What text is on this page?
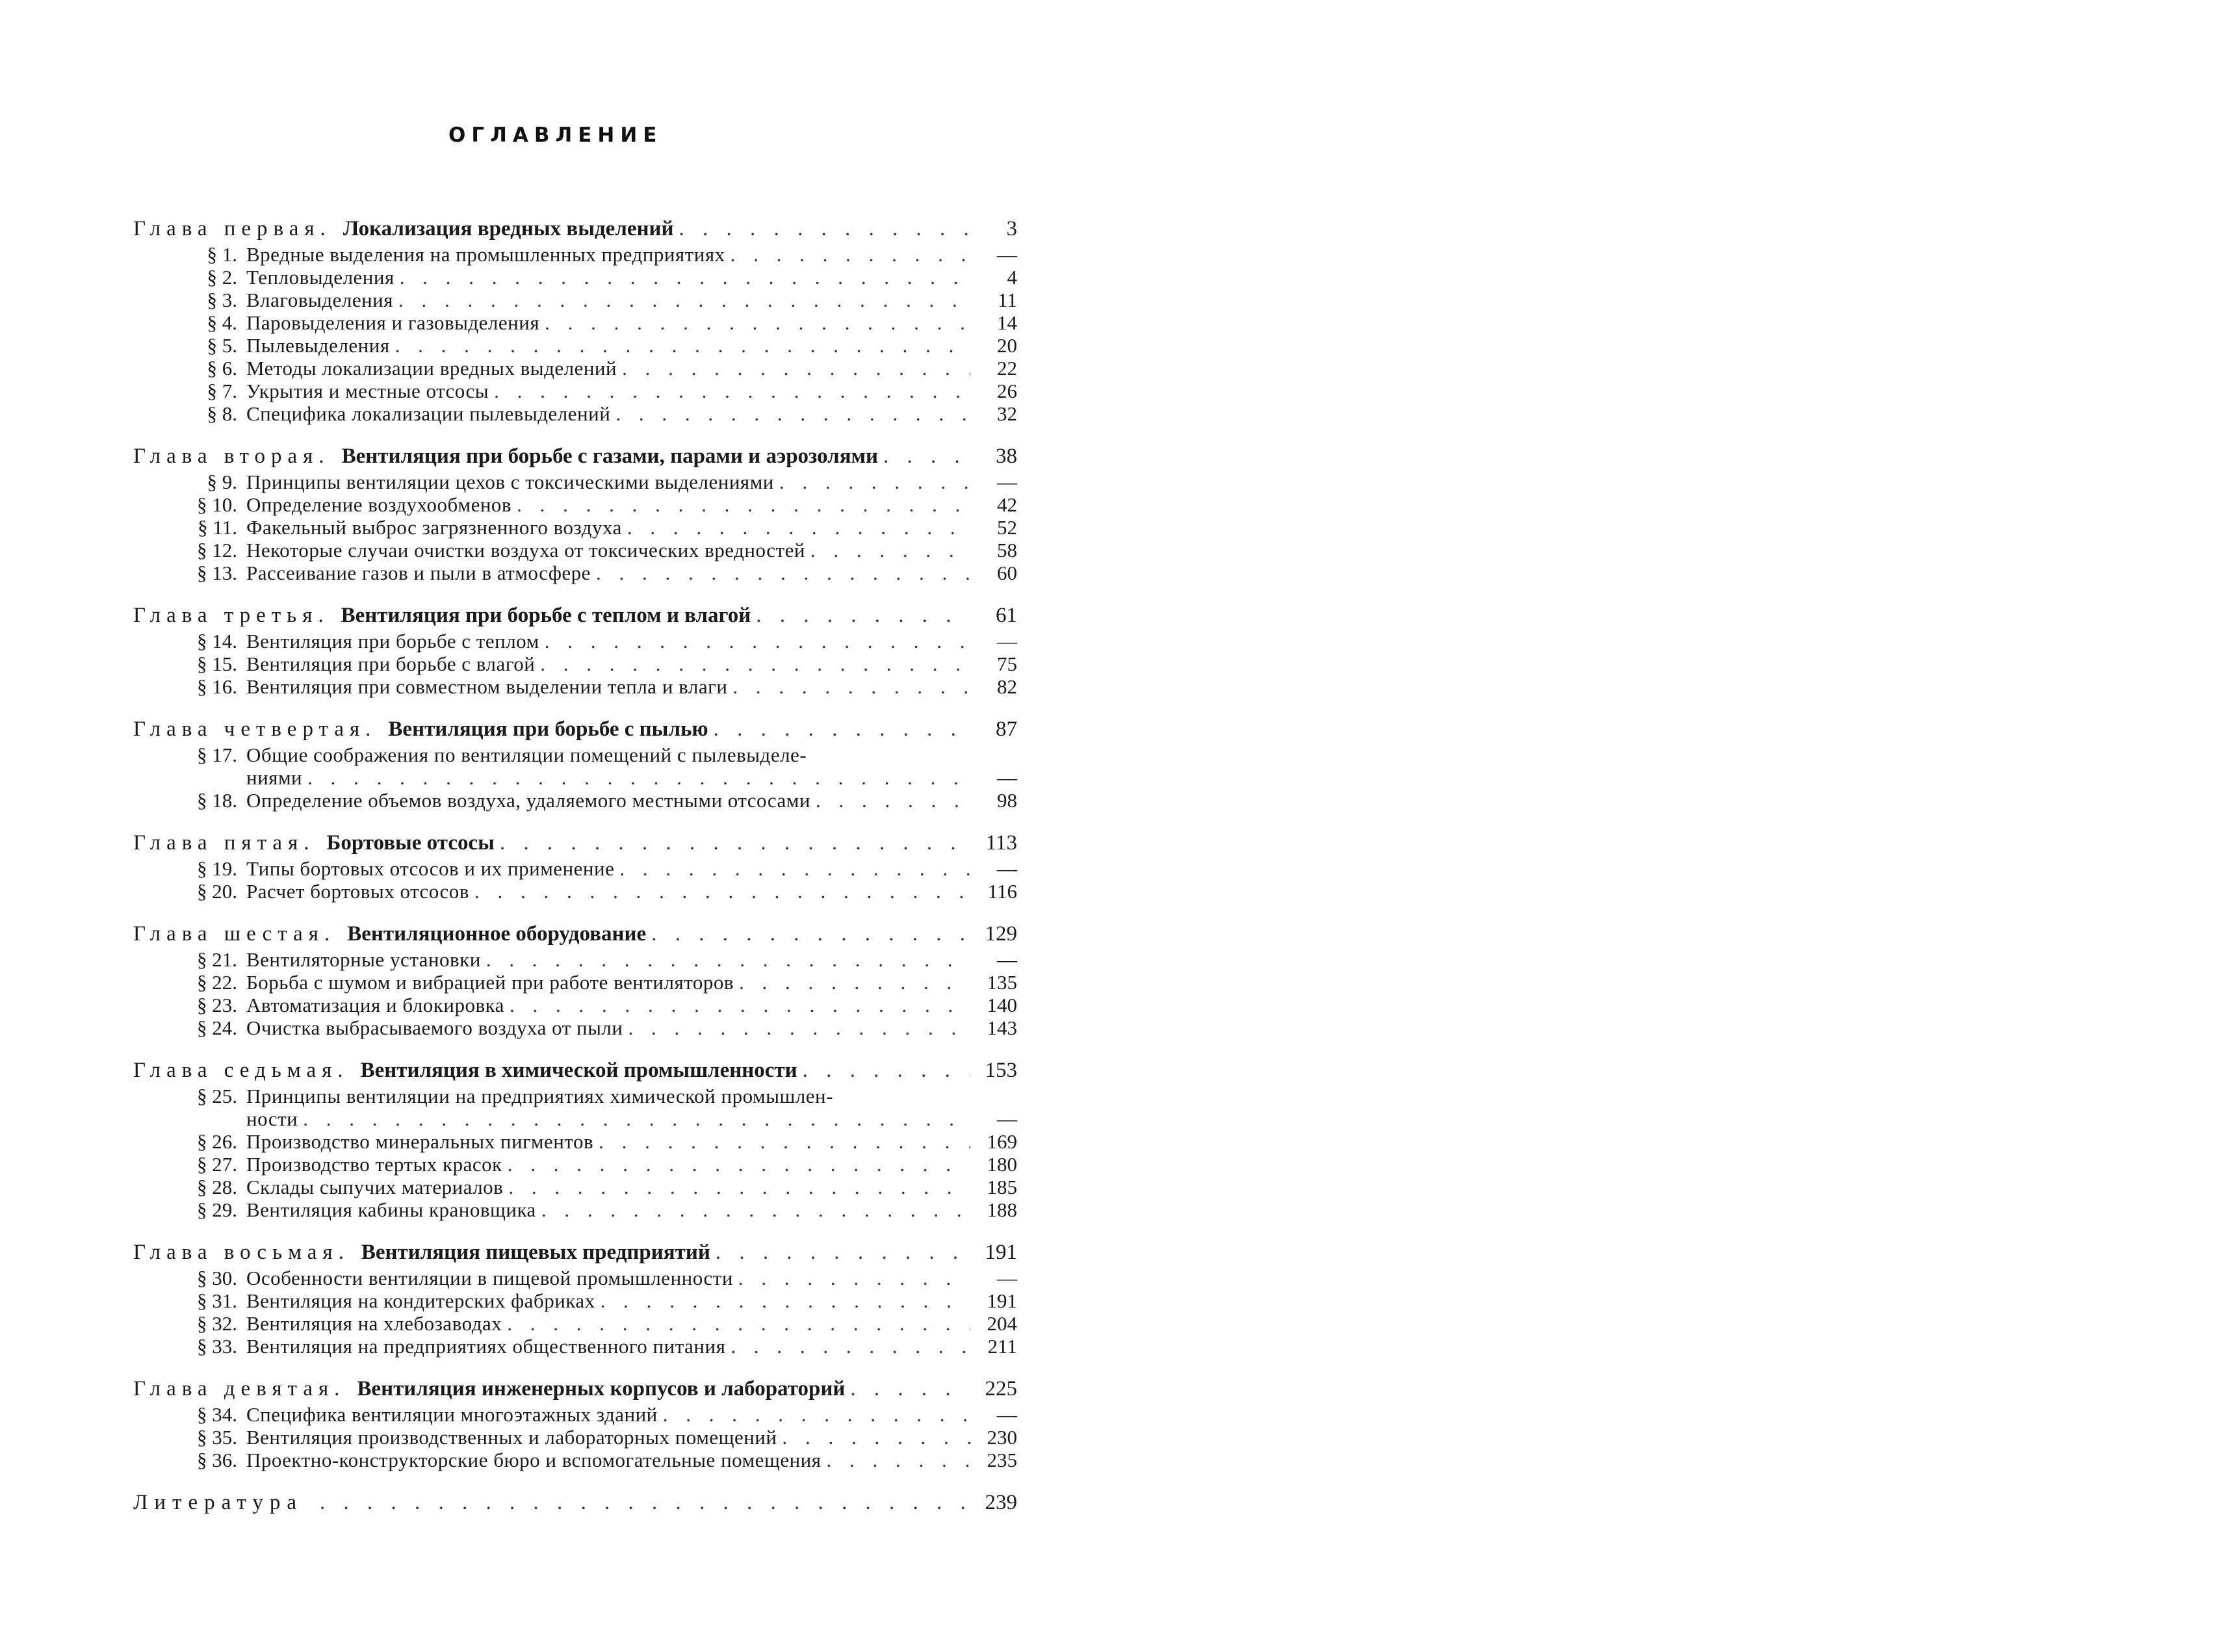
ОГЛАВЛЕНИЕ
Глава первая. Локализация вредных выделений . . .	3
§ 1. Вредные выделения на промышленных предприятиях . . .	—
§ 2. Тепловыделения . . .	4
§ 3. Влаговыделения . . .	11
§ 4. Паровыделения и газовыделения . . .	14
§ 5. Пылевыделения . . .	20
§ 6. Методы локализации вредных выделений . . .	22
§ 7. Укрытия и местные отсосы . . .	26
§ 8. Специфика локализации пылевыделений . . .	32
Глава вторая. Вентиляция при борьбе с газами, парами и аэрозолями . . .	38
§ 9. Принципы вентиляции цехов с токсическими выделениями . . .	—
§ 10. Определение воздухообменов . . .	42
§ 11. Факельный выброс загрязненного воздуха . . .	52
§ 12. Некоторые случаи очистки воздуха от токсических вредностей . . .	58
§ 13. Рассеивание газов и пыли в атмосфере . . .	60
Глава третья. Вентиляция при борьбе с теплом и влагой . . .	61
§ 14. Вентиляция при борьбе с теплом . . .	—
§ 15. Вентиляция при борьбе с влагой . . .	75
§ 16. Вентиляция при совместном выделении тепла и влаги . . .	82
Глава четвертая. Вентиляция при борьбе с пылью . . .	87
§ 17. Общие соображения по вентиляции помещений с пылевыделе-
ниями . . .	—
§ 18. Определение объемов воздуха, удаляемого местными отсосами . . .	98
Глава пятая. Бортовые отсосы . . .	113
§ 19. Типы бортовых отсосов и их применение . . .	—
§ 20. Расчет бортовых отсосов . . .	116
Глава шестая. Вентиляционное оборудование . . .	129
§ 21. Вентиляторные установки . . .	—
§ 22. Борьба с шумом и вибрацией при работе вентиляторов . . .	135
§ 23. Автоматизация и блокировка . . .	140
§ 24. Очистка выбрасываемого воздуха от пыли . . .	143
Глава седьмая. Вентиляция в химической промышленности . . .	153
§ 25. Принципы вентиляции на предприятиях химической промышлен-
ности . . .	—
§ 26. Производство минеральных пигментов . . .	169
§ 27. Производство тертых красок . . .	180
§ 28. Склады сыпучих материалов . . .	185
§ 29. Вентиляция кабины крановщика . . .	188
Глава восьмая. Вентиляция пищевых предприятий . . .	191
§ 30. Особенности вентиляции в пищевой промышленности . . .	—
§ 31. Вентиляция на кондитерских фабриках . . .	191
§ 32. Вентиляция на хлебозаводах . . .	204
§ 33. Вентиляция на предприятиях общественного питания . . .	211
Глава девятая. Вентиляция инженерных корпусов и лабораторий . . .	225
§ 34. Специфика вентиляции многоэтажных зданий . . .	—
§ 35. Вентиляция производственных и лабораторных помещений . . .	230
§ 36. Проектно-конструкторские бюро и вспомогательные помещения . . .	235
Литература . . .	239
